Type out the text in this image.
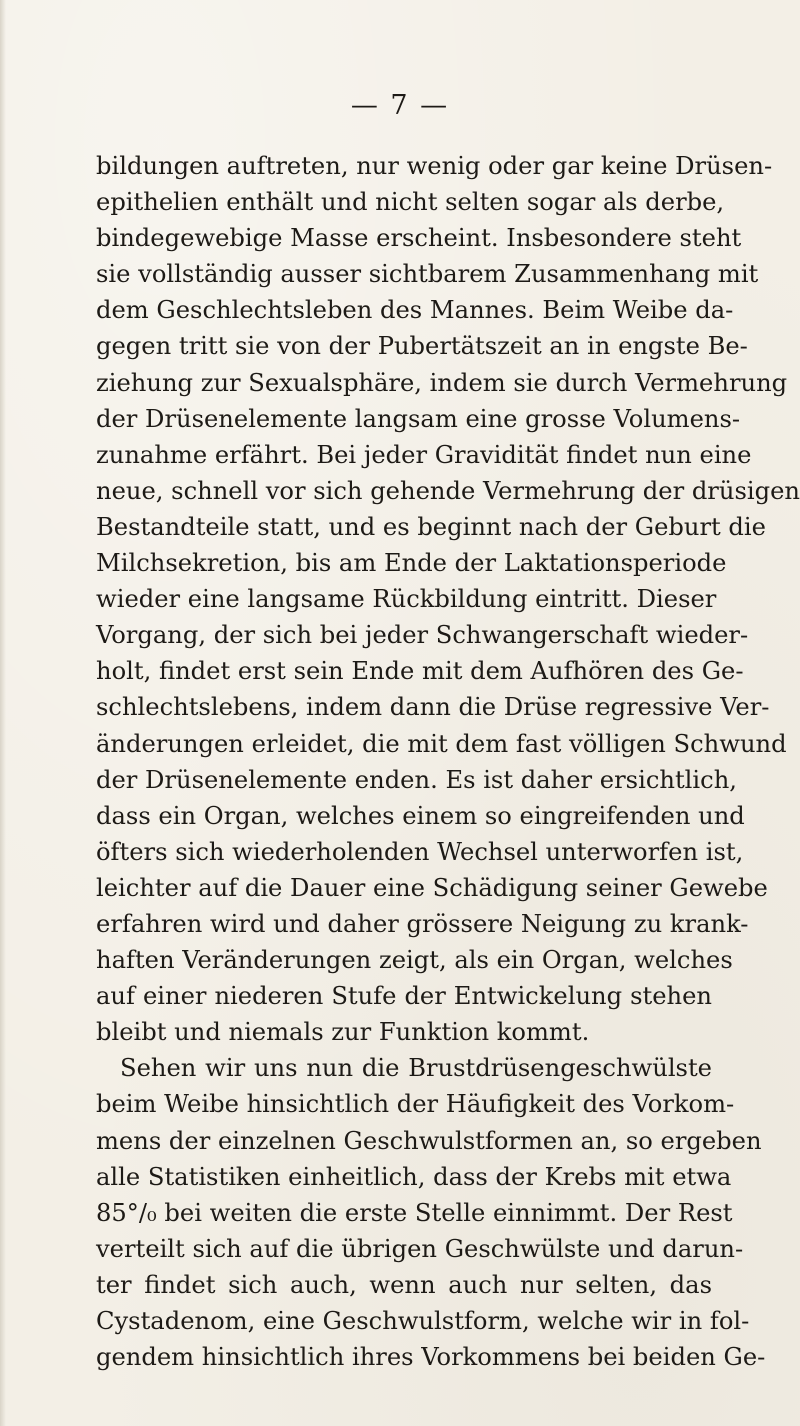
— 7 —
bildungen auftreten, nur wenig oder gar keine Drüsen-
epithelien enthält und nicht selten sogar als derbe,
bindegewebige Masse erscheint. Insbesondere steht
sie vollständig ausser sichtbarem Zusammenhang mit
dem Geschlechtsleben des Mannes. Beim Weibe da-
gegen tritt sie von der Pubertätszeit an in engste Be-
ziehung zur Sexualsphäre, indem sie durch Vermehrung
der Drüsenelemente langsam eine grosse Volumens-
zunahme erfährt. Bei jeder Gravidität findet nun eine
neue, schnell vor sich gehende Vermehrung der drüsigen
Bestandteile statt, und es beginnt nach der Geburt die
Milchsekretion, bis am Ende der Laktationsperiode
wieder eine langsame Rückbildung eintritt. Dieser
Vorgang, der sich bei jeder Schwangerschaft wieder-
holt, findet erst sein Ende mit dem Aufhören des Ge-
schlechtslebens, indem dann die Drüse regressive Ver-
änderungen erleidet, die mit dem fast völligen Schwund
der Drüsenelemente enden. Es ist daher ersichtlich,
dass ein Organ, welches einem so eingreifenden und
öfters sich wiederholenden Wechsel unterworfen ist,
leichter auf die Dauer eine Schädigung seiner Gewebe
erfahren wird und daher grössere Neigung zu krank-
haften Veränderungen zeigt, als ein Organ, welches
auf einer niederen Stufe der Entwickelung stehen
bleibt und niemals zur Funktion kommt.
Sehen wir uns nun die Brustdrüsengeschwülste
beim Weibe hinsichtlich der Häufigkeit des Vorkom-
mens der einzelnen Geschwulstformen an, so ergeben
alle Statistiken einheitlich, dass der Krebs mit etwa
85°/₀ bei weiten die erste Stelle einnimmt. Der Rest
verteilt sich auf die übrigen Geschwülste und darun-
ter findet sich auch, wenn auch nur selten, das
Cystadenom, eine Geschwulstform, welche wir in fol-
gendem hinsichtlich ihres Vorkommens bei beiden Ge-
